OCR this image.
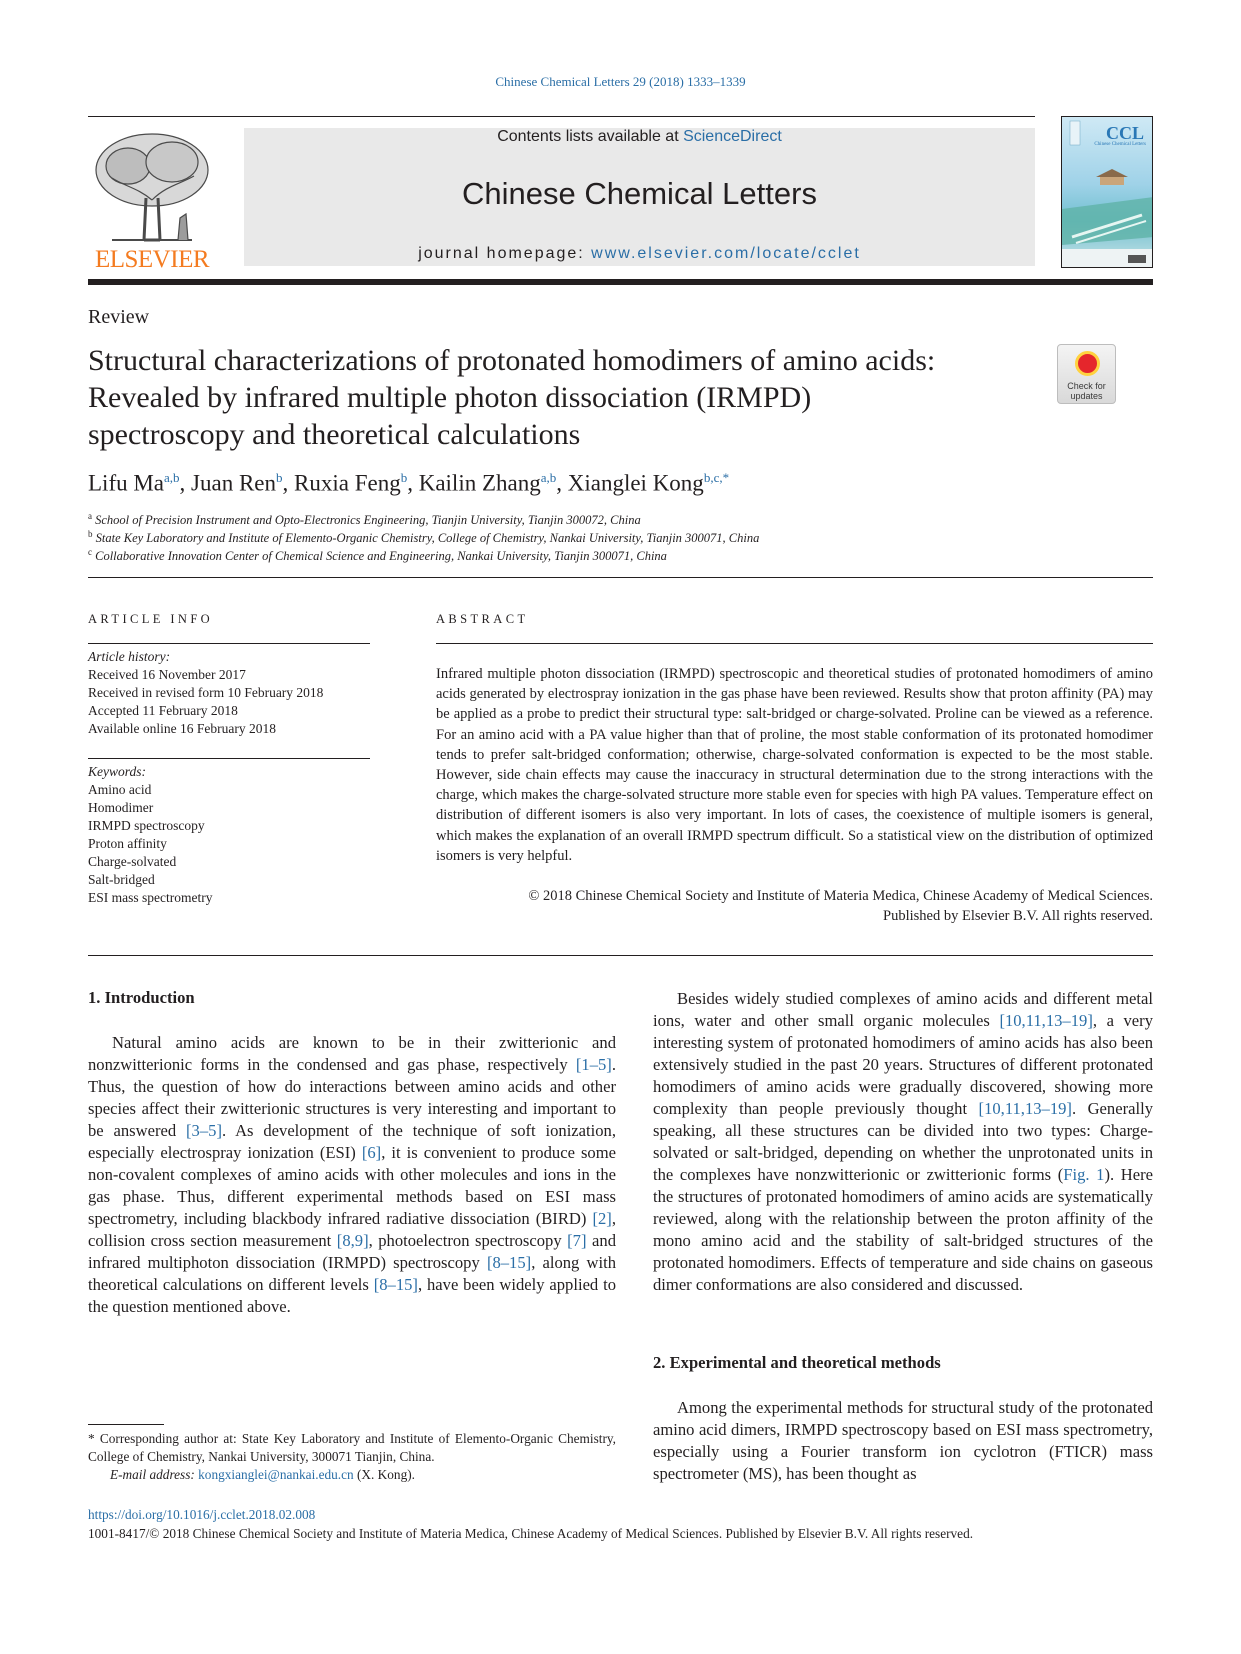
Chinese Chemical Letters 29 (2018) 1333–1339
ELSEVIER
Contents lists available at ScienceDirect
Chinese Chemical Letters
journal homepage: www.elsevier.com/locate/cclet
CCL
Chinese Chemical Letters
Review
Structural characterizations of protonated homodimers of amino acids:
Revealed by infrared multiple photon dissociation (IRMPD)
spectroscopy and theoretical calculations
Check for updates
Lifu Ma$^{a,b}$, Juan Ren$^b$, Ruxia Feng$^b$, Kailin Zhang$^{a,b}$, Xianglei Kong$^{b,c,*}$
$^a$ School of Precision Instrument and Opto-Electronics Engineering, Tianjin University, Tianjin 300072, China
$^b$ State Key Laboratory and Institute of Elemento-Organic Chemistry, College of Chemistry, Nankai University, Tianjin 300071, China
$^c$ Collaborative Innovation Center of Chemical Science and Engineering, Nankai University, Tianjin 300071, China
ARTICLE INFO	ABSTRACT
Article history:
Received 16 November 2017
Received in revised form 10 February 2018
Accepted 11 February 2018
Available online 16 February 2018
Keywords:
Amino acid
Homodimer
IRMPD spectroscopy
Proton affinity
Charge-solvated
Salt-bridged
ESI mass spectrometry
Infrared multiple photon dissociation (IRMPD) spectroscopic and theoretical studies of protonated homodimers of amino acids generated by electrospray ionization in the gas phase have been reviewed. Results show that proton affinity (PA) may be applied as a probe to predict their structural type: salt-bridged or charge-solvated. Proline can be viewed as a reference. For an amino acid with a PA value higher than that of proline, the most stable conformation of its protonated homodimer tends to prefer salt-bridged conformation; otherwise, charge-solvated conformation is expected to be the most stable. However, side chain effects may cause the inaccuracy in structural determination due to the strong interactions with the charge, which makes the charge-solvated structure more stable even for species with high PA values. Temperature effect on distribution of different isomers is also very important. In lots of cases, the coexistence of multiple isomers is general, which makes the explanation of an overall IRMPD spectrum difficult. So a statistical view on the distribution of optimized isomers is very helpful.
© 2018 Chinese Chemical Society and Institute of Materia Medica, Chinese Academy of Medical Sciences.
Published by Elsevier B.V. All rights reserved.
1. Introduction
Natural amino acids are known to be in their zwitterionic and nonzwitterionic forms in the condensed and gas phase, respectively [1–5]. Thus, the question of how do interactions between amino acids and other species affect their zwitterionic structures is very interesting and important to be answered [3–5]. As development of the technique of soft ionization, especially electrospray ionization (ESI) [6], it is convenient to produce some non-covalent complexes of amino acids with other molecules and ions in the gas phase. Thus, different experimental methods based on ESI mass spectrometry, including blackbody infrared radiative dissociation (BIRD) [2], collision cross section measurement [8,9], photoelectron spectroscopy [7] and infrared multiphoton dissociation (IRMPD) spectroscopy [8–15], along with theoretical calculations on different levels [8–15], have been widely applied to the question mentioned above.
Besides widely studied complexes of amino acids and different metal ions, water and other small organic molecules [10,11,13–19], a very interesting system of protonated homodimers of amino acids has also been extensively studied in the past 20 years. Structures of different protonated homodimers of amino acids were gradually discovered, showing more complexity than people previously thought [10,11,13–19]. Generally speaking, all these structures can be divided into two types: Charge-solvated or salt-bridged, depending on whether the unprotonated units in the complexes have nonzwitterionic or zwitterionic forms (Fig. 1). Here the structures of protonated homodimers of amino acids are systematically reviewed, along with the relationship between the proton affinity of the mono amino acid and the stability of salt-bridged structures of the protonated homodimers. Effects of temperature and side chains on gaseous dimer conformations are also considered and discussed.
2. Experimental and theoretical methods
Among the experimental methods for structural study of the protonated amino acid dimers, IRMPD spectroscopy based on ESI mass spectrometry, especially using a Fourier transform ion cyclotron (FTICR) mass spectrometer (MS), has been thought as
* Corresponding author at: State Key Laboratory and Institute of Elemento-Organic Chemistry, College of Chemistry, Nankai University, 300071 Tianjin, China.
E-mail address: kongxianglei@nankai.edu.cn (X. Kong).
https://doi.org/10.1016/j.cclet.2018.02.008
1001-8417/© 2018 Chinese Chemical Society and Institute of Materia Medica, Chinese Academy of Medical Sciences. Published by Elsevier B.V. All rights reserved.
